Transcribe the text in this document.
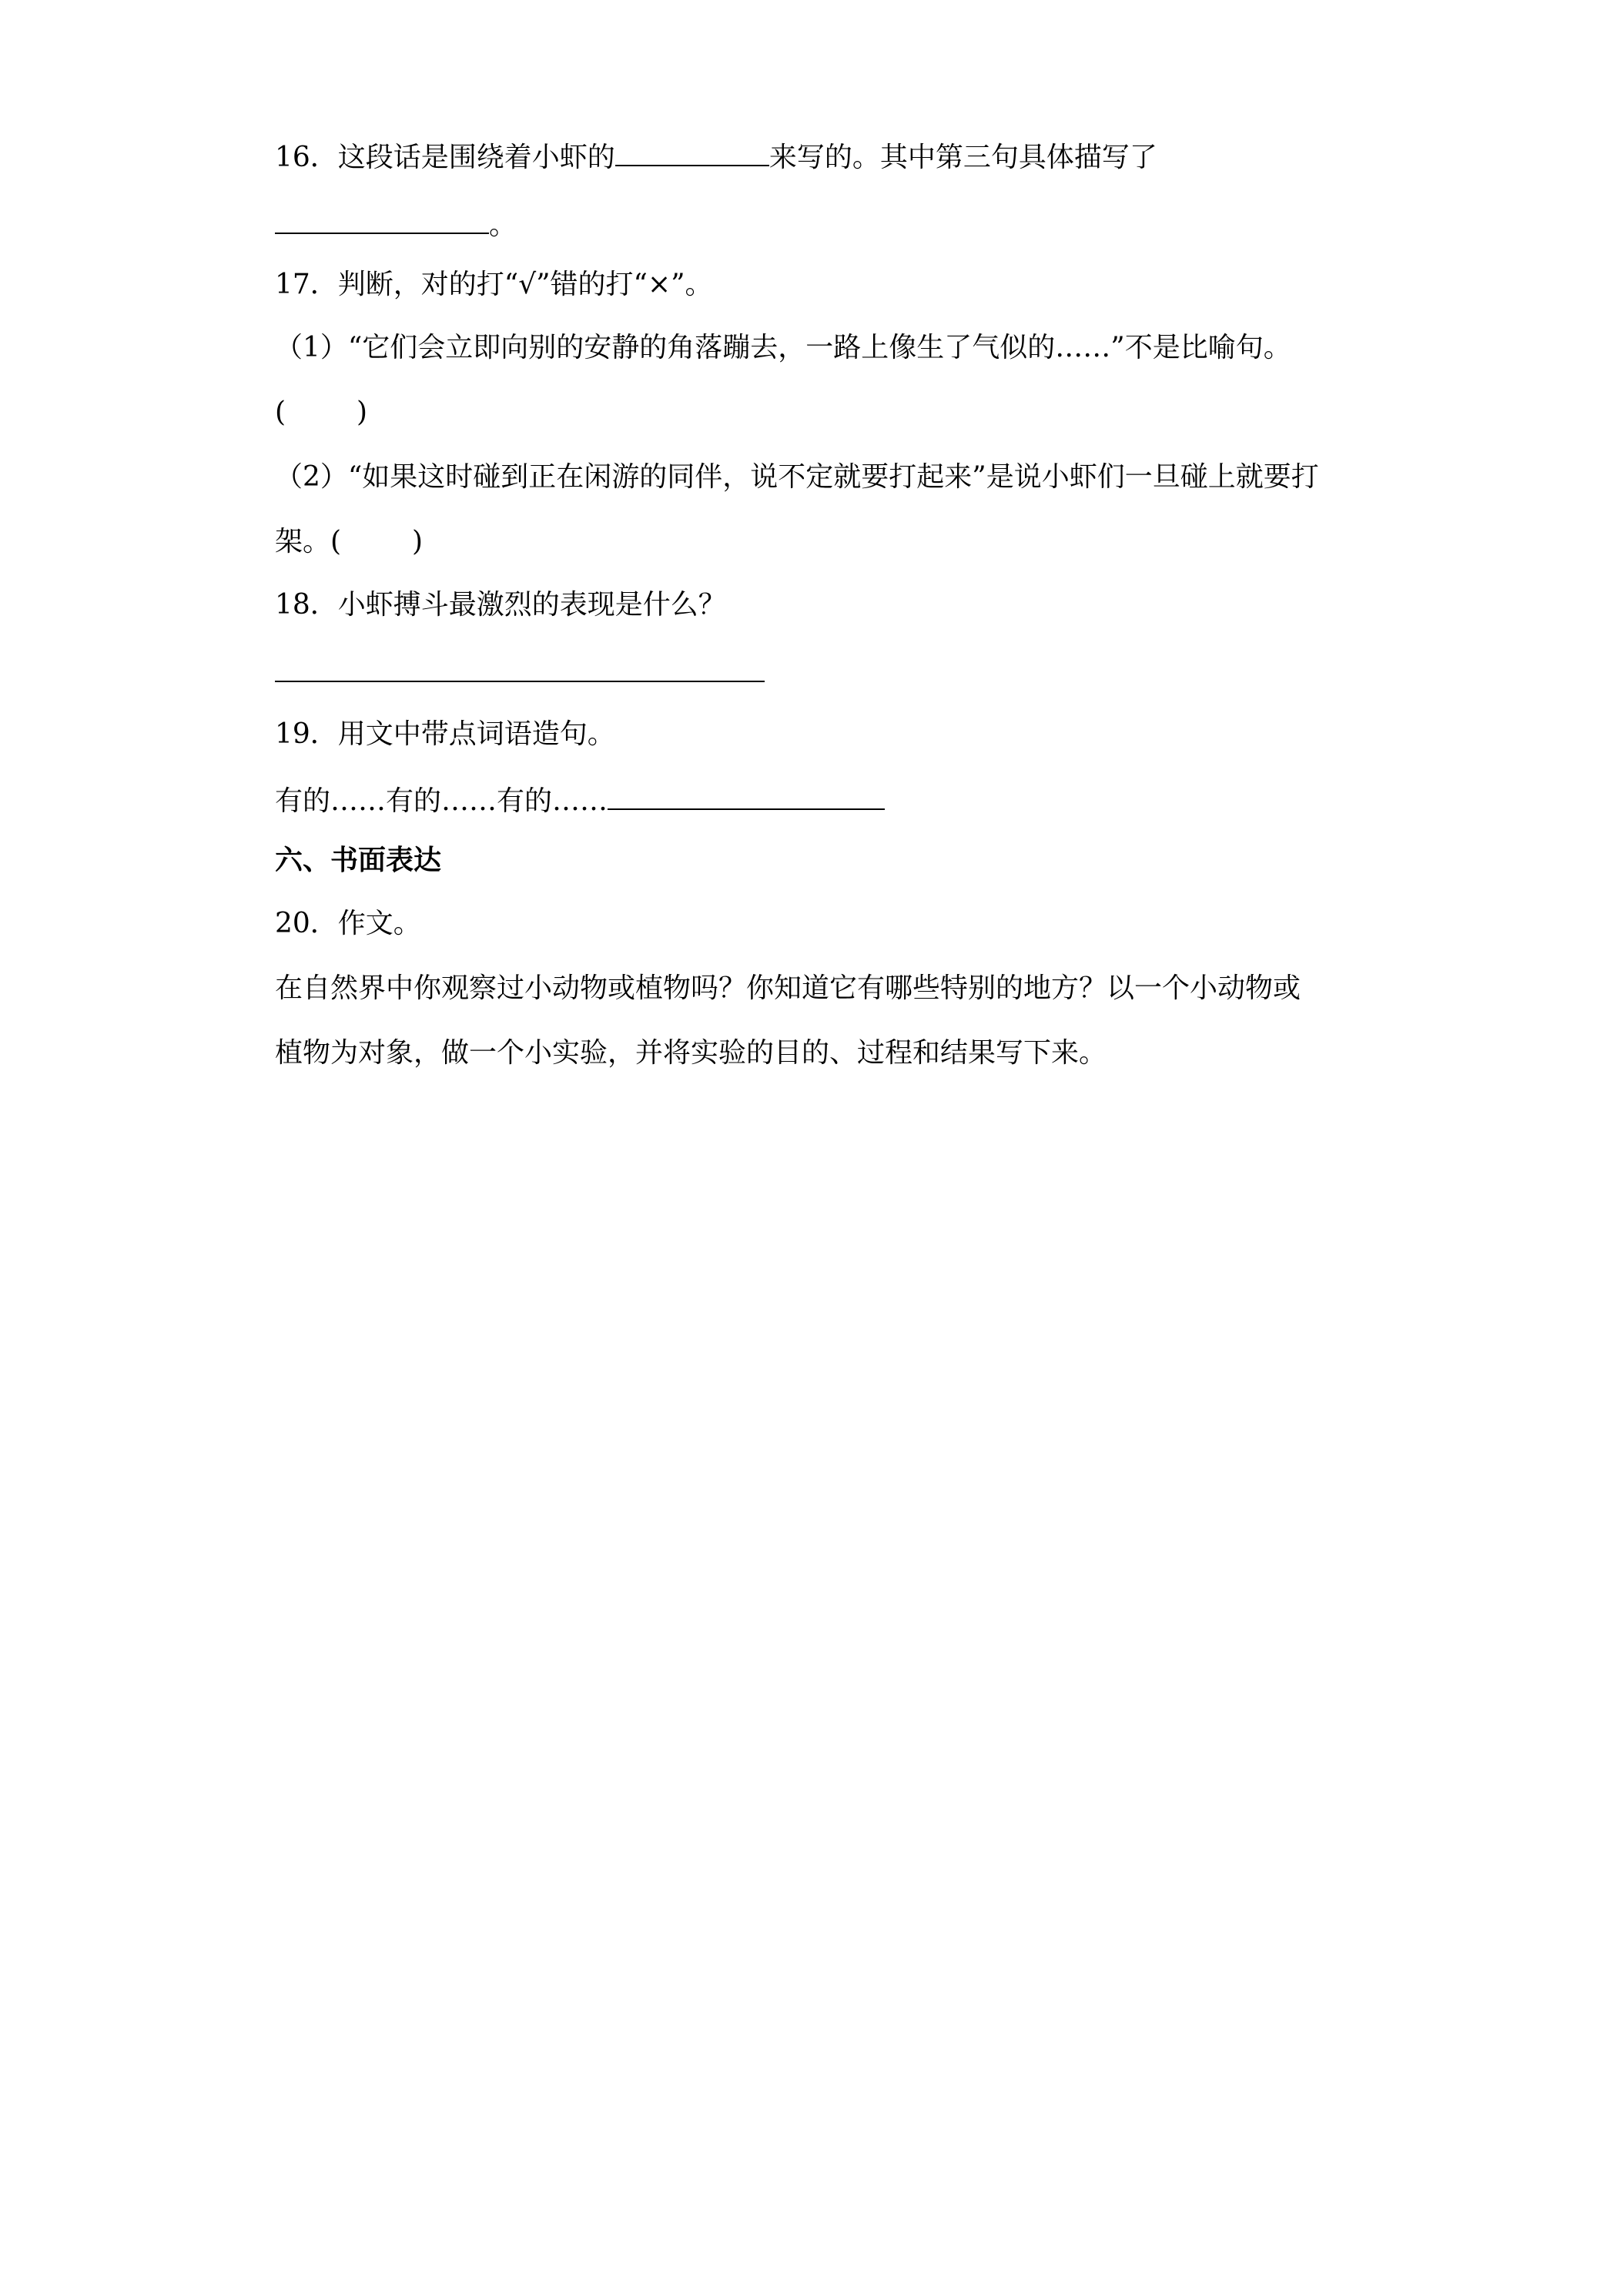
16．这段话是围绕着小虾的	来写的。其中第三句具体描写了
。
17．判断，对的打“√”错的打“×”。
（1）“它们会立即向别的安静的角落蹦去，一路上像生了气似的……”不是比喻句。
(	)
（2）“如果这时碰到正在闲游的同伴，说不定就要打起来”是说小虾们一旦碰上就要打
架。(	)
18．小虾搏斗最激烈的表现是什么？
19．用文中带点词语造句。
有的……有的……有的……
六、书面表达
20．作文。
在自然界中你观察过小动物或植物吗？你知道它有哪些特别的地方？以一个小动物或
植物为对象，做一个小实验，并将实验的目的、过程和结果写下来。
